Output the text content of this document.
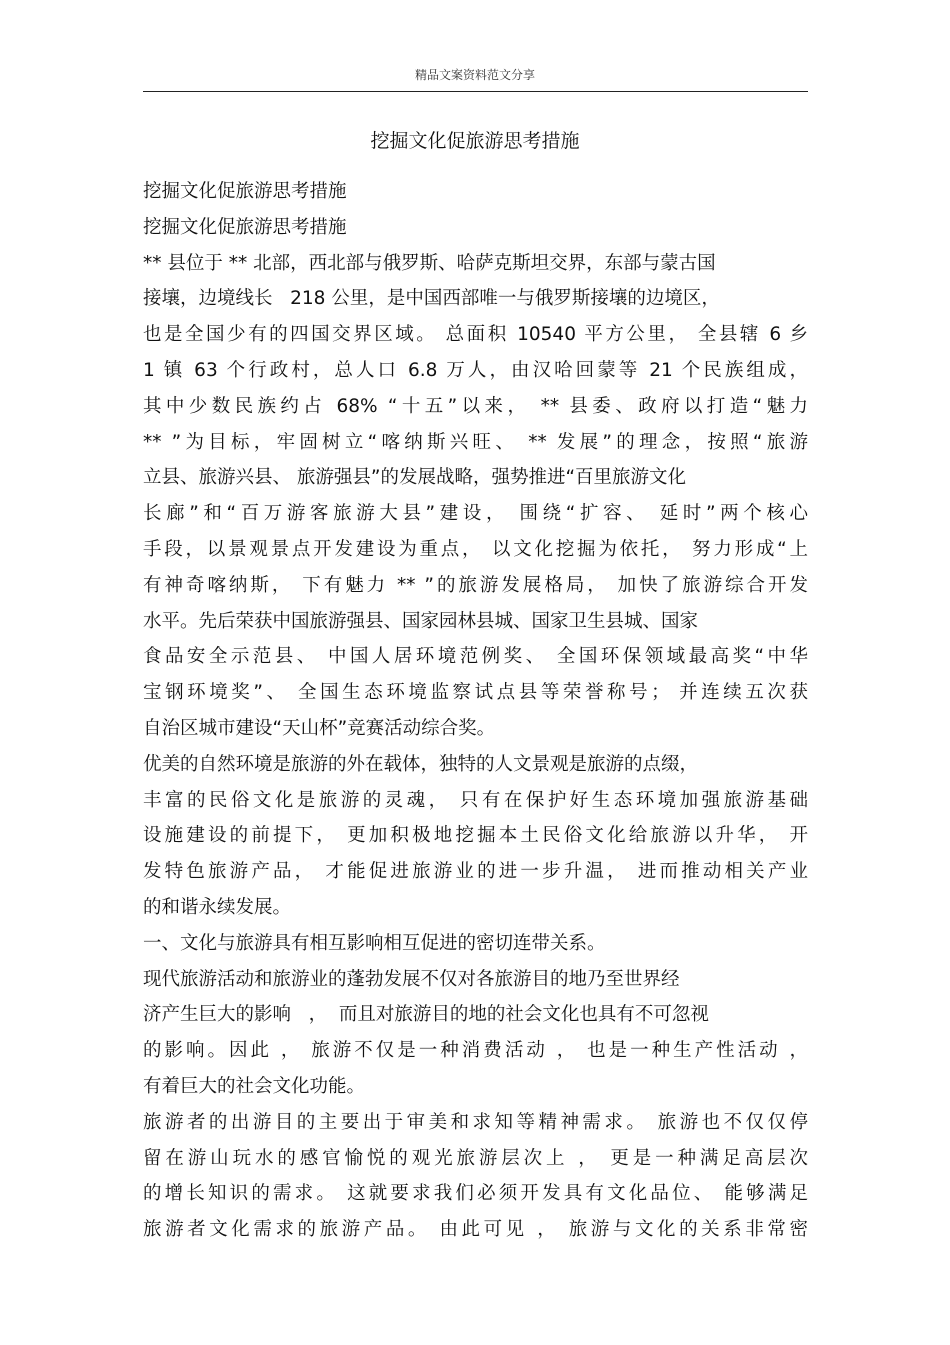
精品文案资料范文分享
挖掘文化促旅游思考措施
挖掘文化促旅游思考措施
挖掘文化促旅游思考措施
** 县位于 ** 北部，西北部与俄罗斯、哈萨克斯坦交界，东部与蒙古国
接壤，边境线长   218 公里，是中国西部唯一与俄罗斯接壤的边境区，
也是全国少有的四国交界区域。 总面积 10540 平方公里， 全县辖 6 乡
1 镇 63 个行政村，总人口 6.8 万人，由汉哈回蒙等 21 个民族组成，
其中少数民族约占 68% “十五”以来， ** 县委、政府以打造“魅力
** ”为目标，牢固树立“喀纳斯兴旺、 ** 发展”的理念，按照“旅游
立县、旅游兴县、 旅游强县”的发展战略，强势推进“百里旅游文化
长廊”和“百万游客旅游大县”建设， 围绕“扩容、 延时”两个核心
手段，以景观景点开发建设为重点， 以文化挖掘为依托， 努力形成“上
有神奇喀纳斯， 下有魅力 ** ”的旅游发展格局， 加快了旅游综合开发
水平。先后荣获中国旅游强县、国家园林县城、国家卫生县城、国家
食品安全示范县、 中国人居环境范例奖、 全国环保领域最高奖“中华
宝钢环境奖”、 全国生态环境监察试点县等荣誉称号； 并连续五次获
自治区城市建设“天山杯”竞赛活动综合奖。
优美的自然环境是旅游的外在载体，独特的人文景观是旅游的点缀，
丰富的民俗文化是旅游的灵魂， 只有在保护好生态环境加强旅游基础
设施建设的前提下， 更加积极地挖掘本土民俗文化给旅游以升华， 开
发特色旅游产品， 才能促进旅游业的进一步升温， 进而推动相关产业
的和谐永续发展。
一、文化与旅游具有相互影响相互促进的密切连带关系。
现代旅游活动和旅游业的蓬勃发展不仅对各旅游目的地乃至世界经
济产生巨大的影响   ，  而且对旅游目的地的社会文化也具有不可忽视
的影响。因此 ， 旅游不仅是一种消费活动 ， 也是一种生产性活动 ，
有着巨大的社会文化功能。
旅游者的出游目的主要出于审美和求知等精神需求。 旅游也不仅仅停
留在游山玩水的感官愉悦的观光旅游层次上 ， 更是一种满足高层次
的增长知识的需求。 这就要求我们必须开发具有文化品位、 能够满足
旅游者文化需求的旅游产品。 由此可见 ， 旅游与文化的关系非常密
